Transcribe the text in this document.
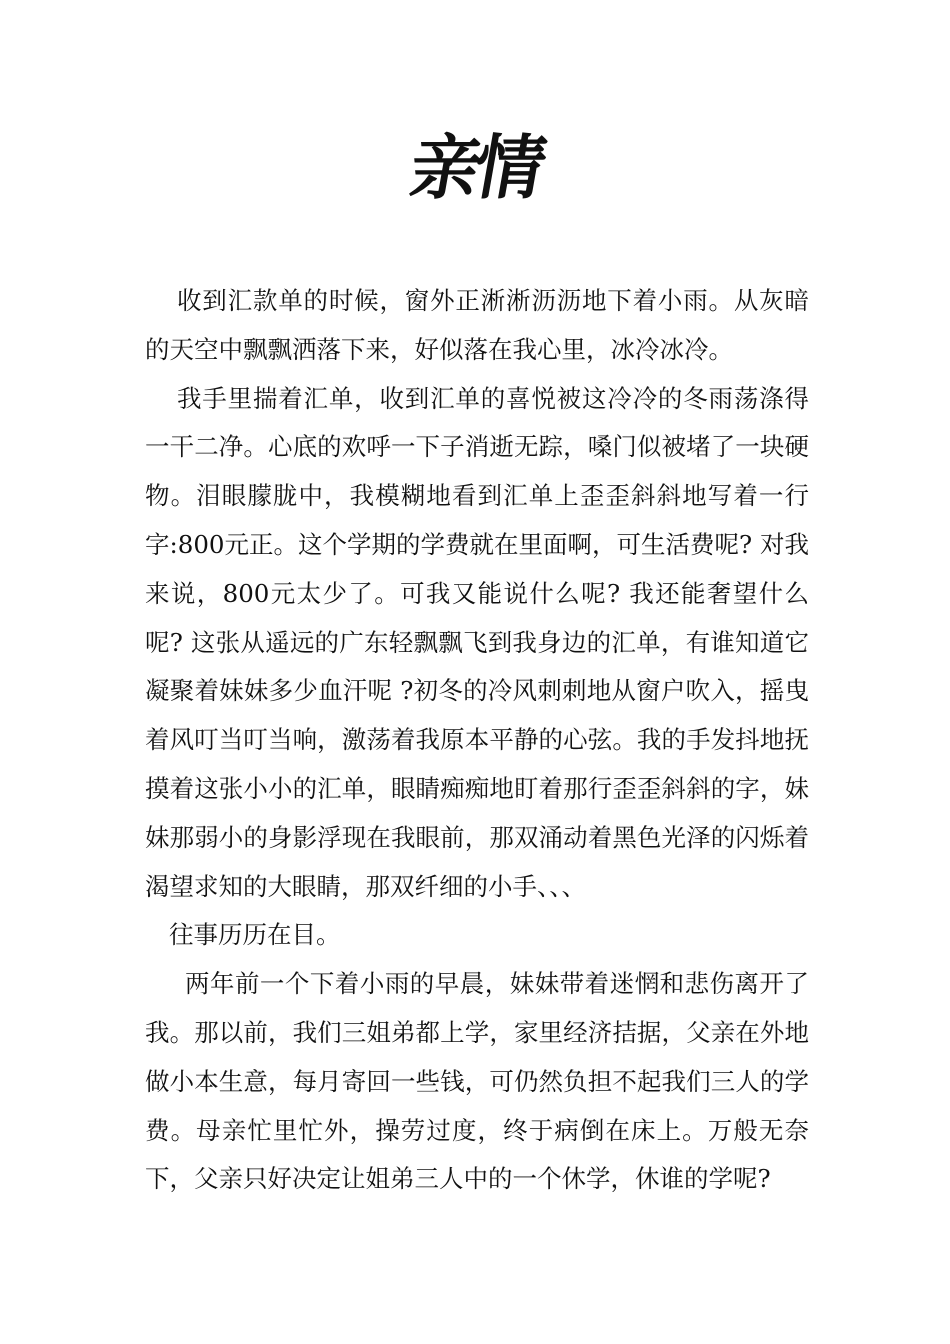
亲情

收到汇款单的时候，窗外正淅淅沥沥地下着小雨。从灰暗的天空中飘飘洒落下来，好似落在我心里，冰冷冰冷。

我手里揣着汇单，收到汇单的喜悦被这冷冷的冬雨荡涤得一干二净。心底的欢呼一下子消逝无踪，嗓门似被堵了一块硬物。泪眼朦胧中，我模糊地看到汇单上歪歪斜斜地写着一行字:800元正。这个学期的学费就在里面啊，可生活费呢? 对我来说，800元太少了。可我又能说什么呢? 我还能奢望什么呢? 这张从遥远的广东轻飘飘飞到我身边的汇单，有谁知道它凝聚着妹妹多少血汗呢 ?初冬的冷风刺刺地从窗户吹入，摇曳着风叮当叮当响，激荡着我原本平静的心弦。我的手发抖地抚摸着这张小小的汇单，眼睛痴痴地盯着那行歪歪斜斜的字，妹妹那弱小的身影浮现在我眼前，那双涌动着黑色光泽的闪烁着渴望求知的大眼睛，那双纤细的小手、、、

往事历历在目。

两年前一个下着小雨的早晨，妹妹带着迷惘和悲伤离开了我。那以前，我们三姐弟都上学，家里经济拮据，父亲在外地做小本生意，每月寄回一些钱，可仍然负担不起我们三人的学费。母亲忙里忙外，操劳过度，终于病倒在床上。万般无奈下，父亲只好决定让姐弟三人中的一个休学，休谁的学呢?
